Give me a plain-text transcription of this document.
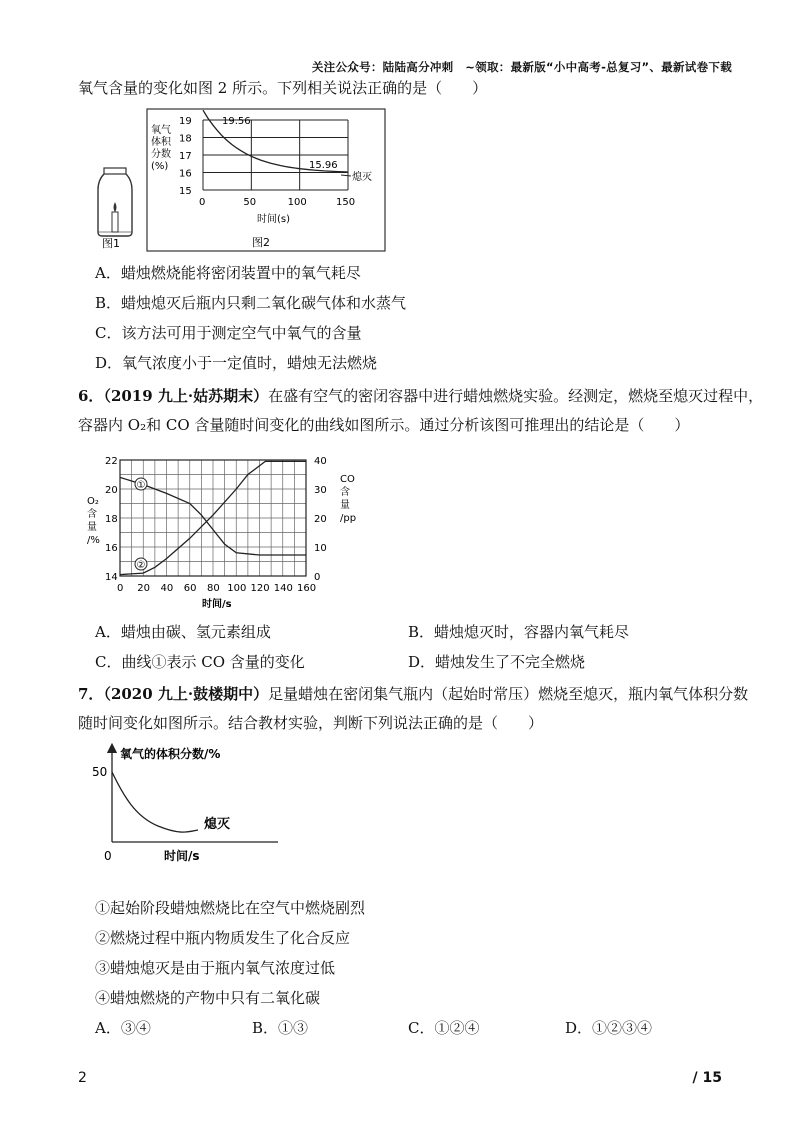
关注公众号：陆陆高分冲刺　~领取：最新版“小中高考-总复习”、最新试卷下载
氧气含量的变化如图 2 所示。下列相关说法正确的是（　　）
图1
氧气
体积
分数
(%)
19
18
17
16
15
0	50	100	150
时间(s)
图2
19.56
15.96
熄灭
A．蜡烛燃烧能将密闭装置中的氧气耗尽
B．蜡烛熄灭后瓶内只剩二氧化碳气体和水蒸气
C．该方法可用于测定空气中氧气的含量
D．氧气浓度小于一定值时，蜡烛无法燃烧
6．（2019 九上·姑苏期末）在盛有空气的密闭容器中进行蜡烛燃烧实验。经测定，燃烧至熄灭过程中，
容器内 O₂和 CO 含量随时间变化的曲线如图所示。通过分析该图可推理出的结论是（　　）
22
20
18
16
14
40
30
20
10
0
0 20 40 60 80 100 120 140 160
O₂
含
量
/%
CO
含
量
/pp
①
②
时间/s
A．蜡烛由碳、氢元素组成	B．蜡烛熄灭时，容器内氧气耗尽
C．曲线①表示 CO 含量的变化	D．蜡烛发生了不完全燃烧
7．（2020 九上·鼓楼期中）足量蜡烛在密闭集气瓶内（起始时常压）燃烧至熄灭，瓶内氧气体积分数
随时间变化如图所示。结合教材实验，判断下列说法正确的是（　　）
氧气的体积分数/%
50
0	时间/s
熄灭
①起始阶段蜡烛燃烧比在空气中燃烧剧烈
②燃烧过程中瓶内物质发生了化合反应
③蜡烛熄灭是由于瓶内氧气浓度过低
④蜡烛燃烧的产物中只有二氧化碳
A．③④	B．①③	C．①②④	D．①②③④
2	/ 15
